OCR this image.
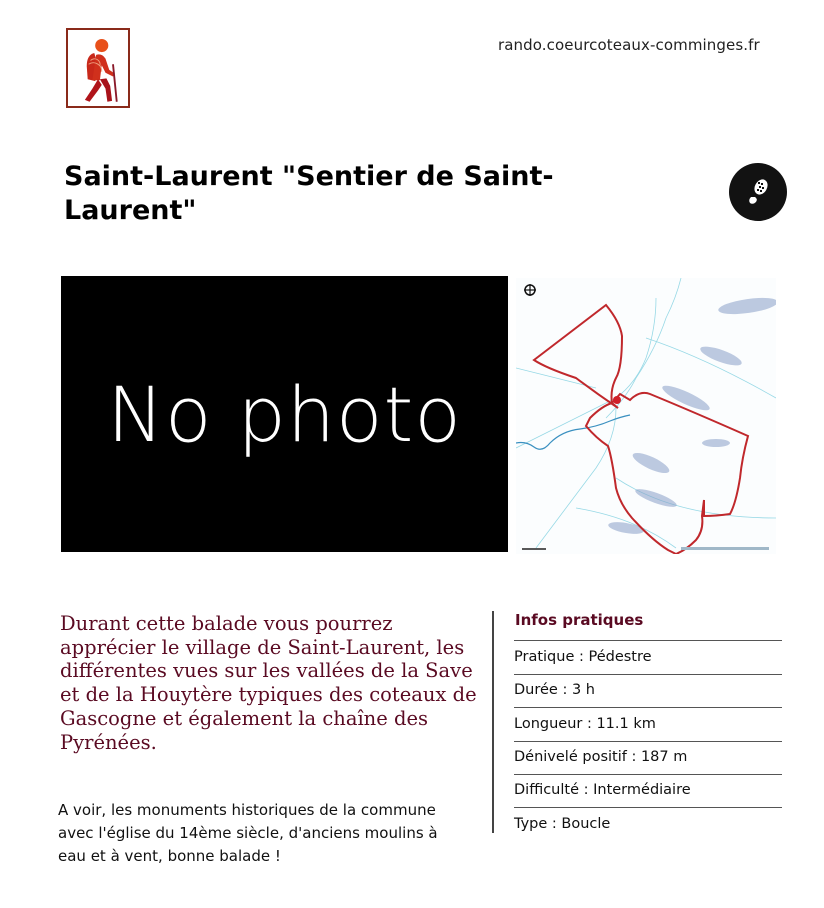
rando.coeurcoteaux-comminges.fr
Saint-Laurent "Sentier de Saint-Laurent"
No photo

Durant cette balade vous pourrez apprécier le village de Saint-Laurent, les différentes vues sur les vallées de la Save et de la Houytère typiques des coteaux de Gascogne et également la chaîne des Pyrénées.

A voir, les monuments historiques de la commune avec l'église du 14ème siècle, d'anciens moulins à eau et à vent, bonne balade !

Infos pratiques
Pratique : Pédestre
Durée : 3 h
Longueur : 11.1 km
Dénivelé positif : 187 m
Difficulté : Intermédiaire
Type : Boucle
